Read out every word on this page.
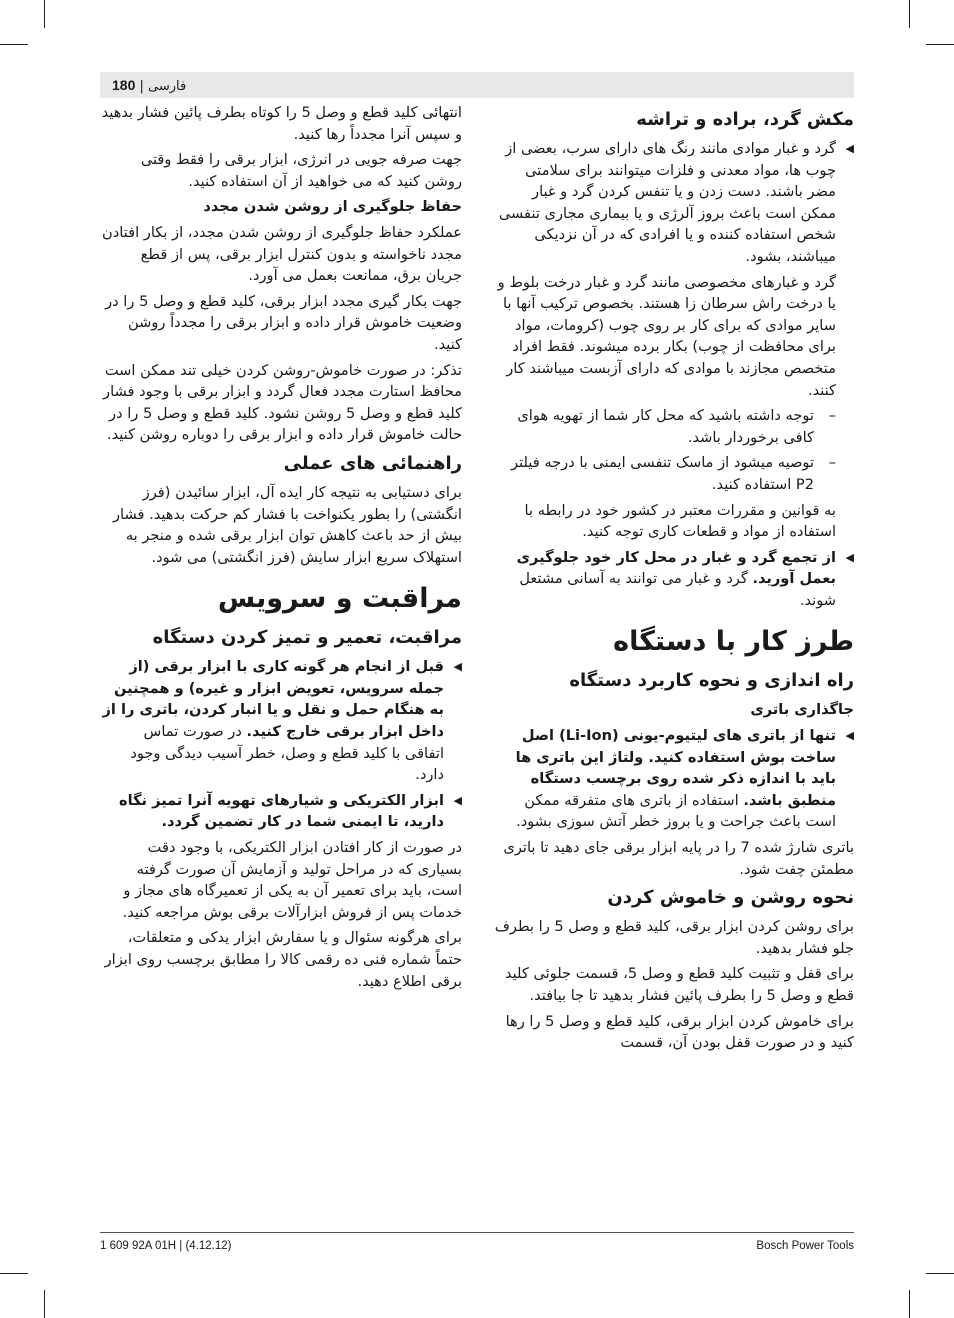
180 | فارسی
مکش گرد، براده و تراشه

◀
گرد و غبار موادی مانند رنگ های دارای سرب، بعضی از چوب ها، مواد معدنی و فلزات میتوانند برای سلامتی مضر باشند. دست زدن و یا تنفس کردن گرد و غبار ممکن است باعث بروز آلرژی و یا بیماری مجاری تنفسی شخص استفاده کننده و یا افرادی که در آن نزدیکی میباشند، بشود.

گرد و غبارهای مخصوصی مانند گرد و غبار درخت بلوط و یا درخت راش سرطان زا هستند. بخصوص ترکیب آنها با سایر موادی که برای کار بر روی چوب (کرومات، مواد برای محافظت از چوب) بکار برده میشوند. فقط افراد متخصص مجازند با موادی که دارای آزبست میباشند کار کنند.

–
توجه داشته باشید که محل کار شما از تهویه هوای کافی برخوردار باشد.

–
توصیه میشود از ماسک تنفسی ایمنی با درجه فیلتر P2 استفاده کنید.

به قوانین و مقررات معتبر در کشور خود در رابطه با استفاده از مواد و قطعات کاری توجه کنید.

◀
از تجمع گرد و غبار در محل کار خود جلوگیری بعمل آورید. گرد و غبار می توانند به آسانی مشتعل شوند.

طرز کار با دستگاه
راه اندازی و نحوه کاربرد دستگاه
جاگذاری باتری

◀
تنها از باتری های لیتیوم-یونی (Li-Ion) اصل ساخت بوش استفاده کنید. ولتاژ این باتری ها باید با اندازه ذکر شده روی برچسب دستگاه منطبق باشد. استفاده از باتری های متفرقه ممکن است باعث جراحت و یا بروز خطر آتش سوزی بشود.

باتری شارژ شده 7 را در پایه ابزار برقی جای دهید تا باتری مطمئن چفت شود.

نحوه روشن و خاموش کردن

برای روشن کردن ابزار برقی، کلید قطع و وصل 5 را بطرف جلو فشار بدهید.

برای قفل و تثبیت کلید قطع و وصل 5، قسمت جلوئی کلید قطع و وصل 5 را بطرف پائین فشار بدهید تا جا بیافتد.

برای خاموش کردن ابزار برقی، کلید قطع و وصل 5 را رها کنید و در صورت قفل بودن آن، قسمت

انتهائی کلید قطع و وصل 5 را کوتاه بطرف پائین فشار بدهید و سپس آنرا مجدداً رها کنید.

جهت صرفه جویی در انرژی، ابزار برقی را فقط وقتی روشن کنید که می خواهید از آن استفاده کنید.

حفاظ جلوگیری از روشن شدن مجدد

عملکرد حفاظ جلوگیری از روشن شدن مجدد، از بکار افتادن مجدد ناخواسته و بدون کنترل ابزار برقی، پس از قطع جریان برق، ممانعت بعمل می آورد.

جهت بکار گیری مجدد ابزار برقی، کلید قطع و وصل 5 را در وضعیت خاموش قرار داده و ابزار برقی را مجدداً روشن کنید.

تذکر: در صورت خاموش-روشن کردن خیلی تند ممکن است محافظ استارت مجدد فعال گردد و ابزار برقی با وجود فشار کلید قطع و وصل 5 روشن نشود. کلید قطع و وصل 5 را در حالت خاموش قرار داده و ابزار برقی را دوباره روشن کنید.

راهنمائی های عملی

برای دستیابی به نتیجه کار ایده آل، ابزار سائیدن (فرز انگشتی) را بطور یکنواخت با فشار کم حرکت بدهید. فشار بیش از حد باعث کاهش توان ابزار برقی شده و منجر به استهلاک سریع ابزار سایش (فرز انگشتی) می شود.

مراقبت و سرویس
مراقبت، تعمیر و تمیز کردن دستگاه

◀
قبل از انجام هر گونه کاری با ابزار برقی (از جمله سرویس، تعویض ابزار و غیره) و همچنین به هنگام حمل و نقل و یا انبار کردن، باتری را از داخل ابزار برقی خارج کنید. در صورت تماس اتفاقی با کلید قطع و وصل، خطر آسیب دیدگی وجود دارد.

◀
ابزار الکتریکی و شیارهای تهویه آنرا تمیز نگاه دارید، تا ایمنی شما در کار تضمین گردد.

در صورت از کار افتادن ابزار الکتریکی، با وجود دقت بسیاری که در مراحل تولید و آزمایش آن صورت گرفته است، باید برای تعمیر آن به یکی از تعمیرگاه های مجاز و خدمات پس از فروش ابزارآلات برقی بوش مراجعه کنید.

برای هرگونه سئوال و یا سفارش ابزار یدکی و متعلقات، حتماً شماره فنی ده رقمی کالا را مطابق برچسب روی ابزار برقی اطلاع دهید.

1 609 92A 01H | (4.12.12)	Bosch Power Tools
